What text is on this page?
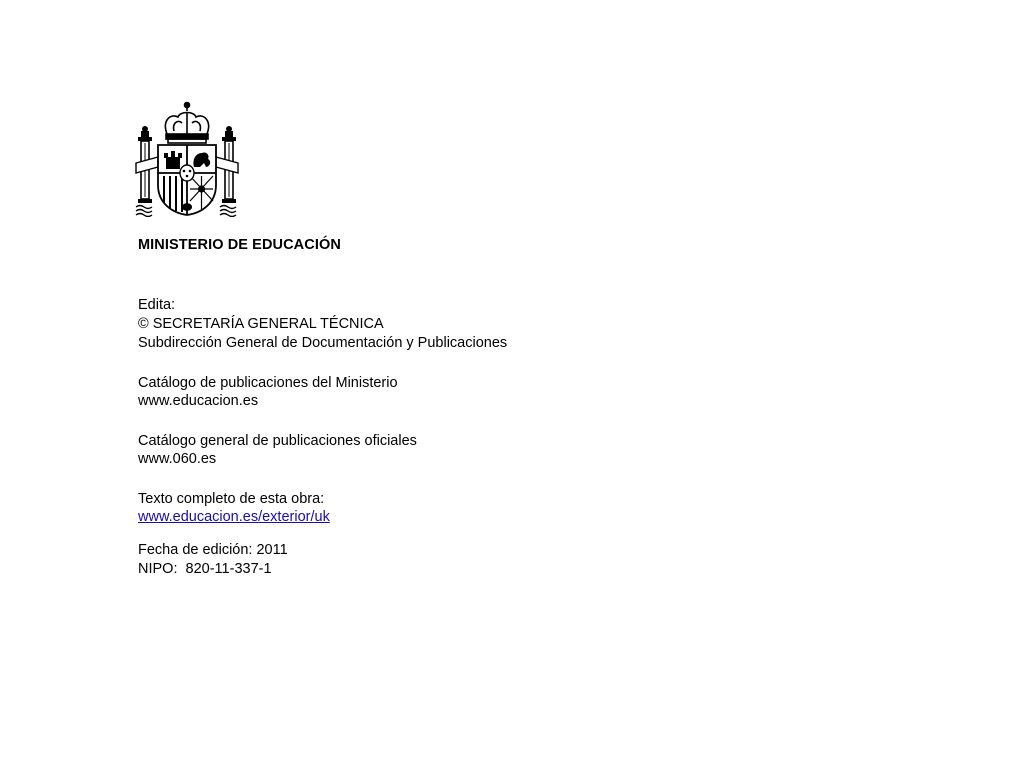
MINISTERIO DE EDUCACIÓN
Edita:
© SECRETARÍA GENERAL TÉCNICA
Subdirección General de Documentación y Publicaciones
Catálogo de publicaciones del Ministerio
www.educacion.es
Catálogo general de publicaciones oficiales
www.060.es
Texto completo de esta obra:
www.educacion.es/exterior/uk
Fecha de edición: 2011
NIPO:  820-11-337-1
